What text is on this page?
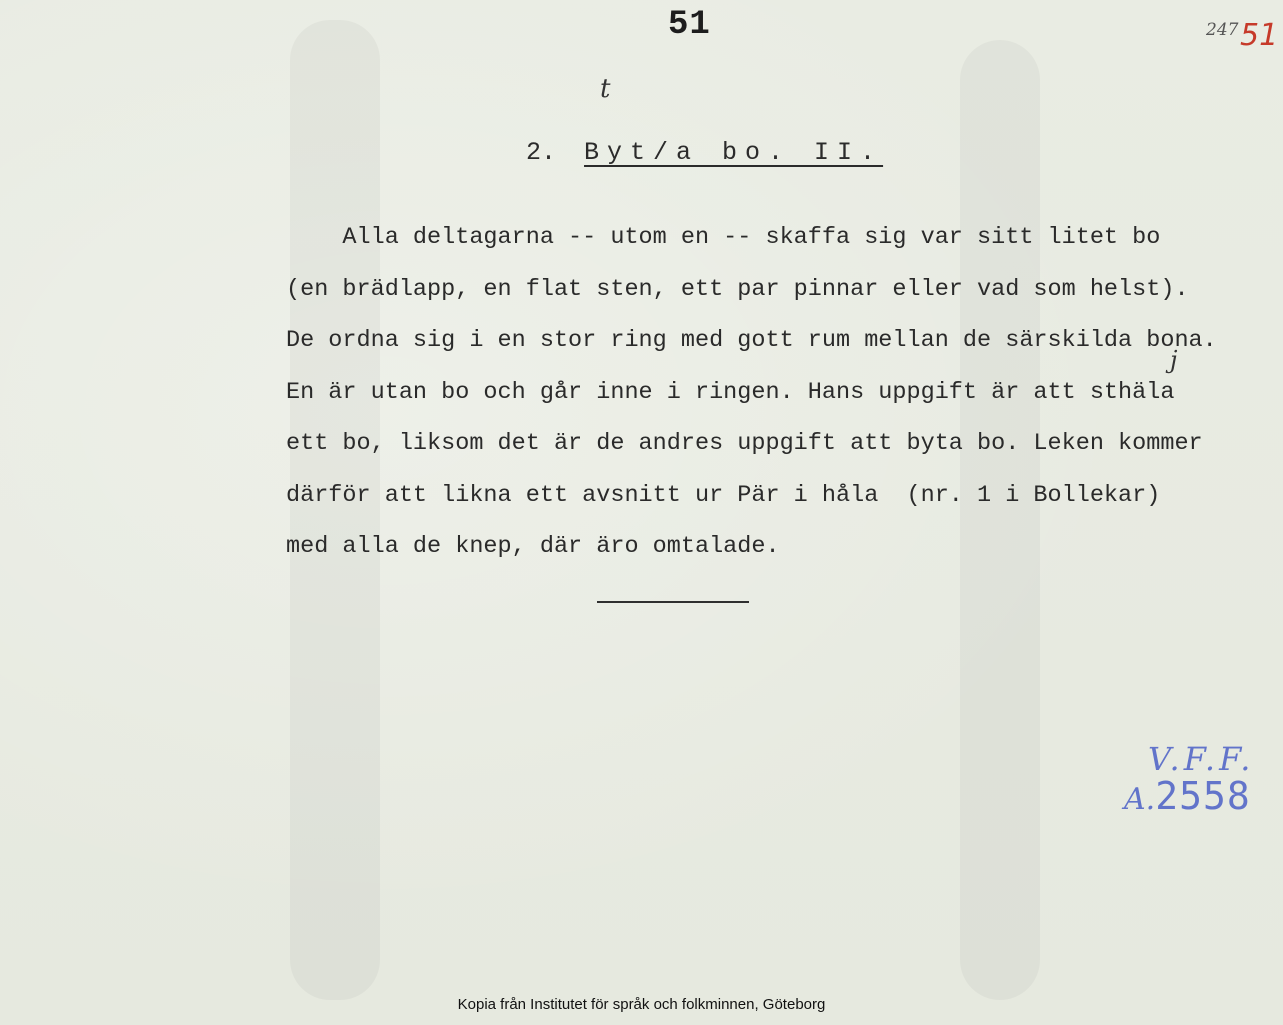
51	247 51
t

2. Byt/a bo. II.

j
Alla deltagarna -- utom en -- skaffa sig var sitt litet bo
(en brädlapp, en flat sten, ett par pinnar eller vad som helst).
De ordna sig i en stor ring med gott rum mellan de särskilda bona.
En är utan bo och går inne i ringen. Hans uppgift är att sthäla
ett bo, liksom det är de andres uppgift att byta bo. Leken kommer
därför att likna ett avsnitt ur Pär i håla  (nr. 1 i Bollekar)
med alla de knep, där äro omtalade.
V.F.F.
A.2558
Kopia från Institutet för språk och folkminnen, Göteborg
